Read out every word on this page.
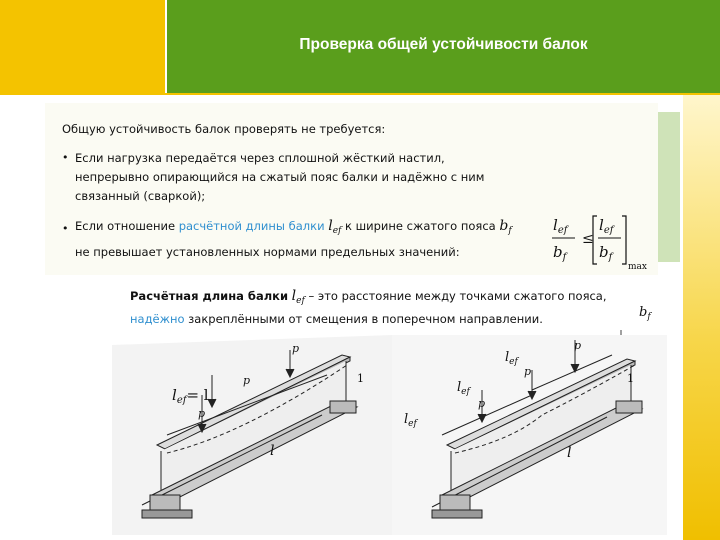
Проверка общей устойчивости балок
Общую устойчивость балок проверять не требуется:
• Если нагрузка передаётся через сплошной жёсткий настил,
непрерывно опирающийся на сжатый пояс балки и надёжно с ним
связанный (сваркой);
• Если отношение расчётной длины балки $l_{ef}$ к ширине сжатого пояса $b_f$
не превышает установленных нормами предельных значений:
$l_{ef}$
$b_f$
≤
$l_{ef}$
$b_f$
max
Расчётная длина балки $l_{ef}$ – это расстояние между точками сжатого пояса,
надёжно закреплёнными от смещения в поперечном направлении.	$b_f$
p
p
p
1
l
$l_{ef}= l$
p
p
p
1
l
$l_{ef}$
$l_{ef}$
$l_{ef}$
